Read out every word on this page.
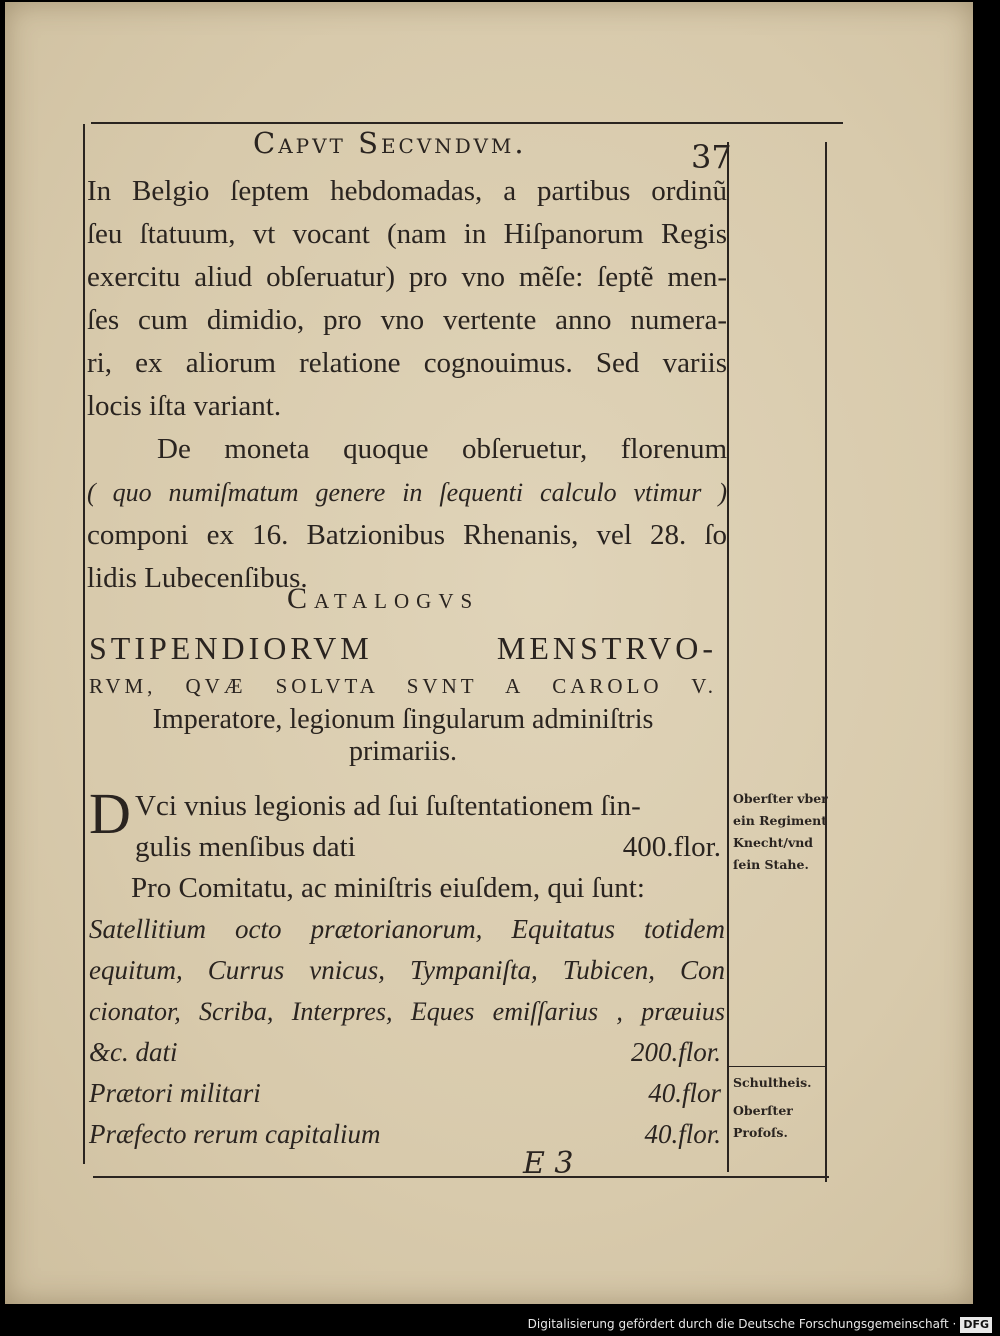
Capvt Secvndvm.	37
In Belgio ſeptem hebdomadas, a partibus ordinũ
ſeu ſtatuum, vt vocant (nam in Hiſpanorum Regis
exercitu aliud obſeruatur) pro vno mẽſe: ſeptẽ men-
ſes cum dimidio, pro vno vertente anno numera-
ri, ex aliorum relatione cognouimus. Sed variis
locis iſta variant.
De moneta quoque obſeruetur, florenum
( quo numiſmatum genere in ſequenti calculo vtimur )
componi ex 16. Batzionibus Rhenanis, vel 28. ſo
lidis Lubecenſibus.
Catalogvs
STIPENDIORVM MENSTRVO-
RVM, QVÆ SOLVTA SVNT A CAROLO V.
Imperatore, legionum ſingularum adminiſtris
primariis.
D Vci vnius legionis ad ſui ſuſtentationem ſin-
gulis menſibus dati	400.flor.
Pro Comitatu, ac miniſtris eiuſdem, qui ſunt:
Satellitium octo prætorianorum, Equitatus totidem
equitum, Currus vnicus, Tympaniſta, Tubicen, Con
cionator, Scriba, Interpres, Eques emiſſarius , præuius
&c. dati	200.flor.
Prætori militari	40.flor
Præfecto rerum capitalium	40.flor.
E 3
Oberſter vber
ein Regiment
Knecht/vnd
ſein Stahe.
Schultheis.
Oberſter
Profoſs.
Digitalisierung gefördert durch die Deutsche Forschungsgemeinschaft · DFG
